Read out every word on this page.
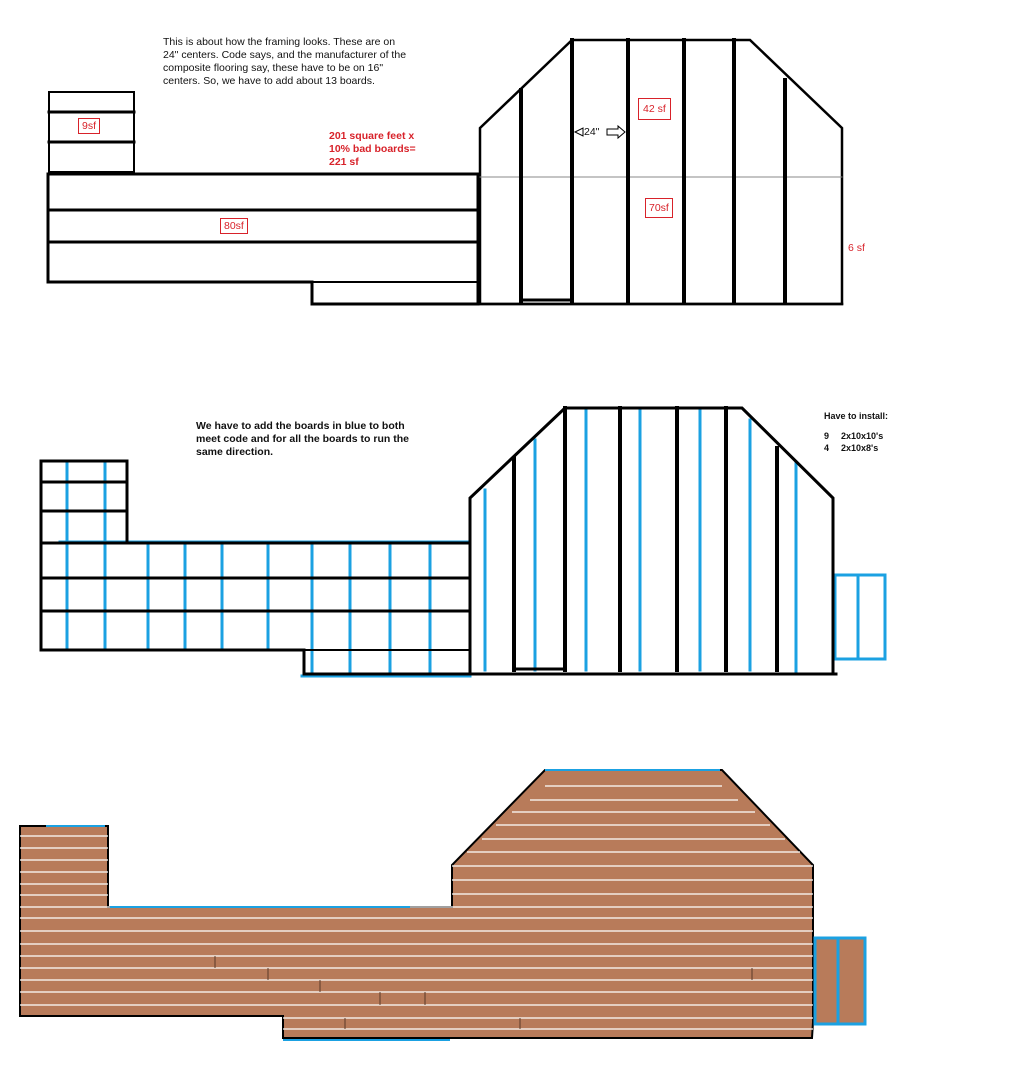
This is about how the framing looks. These are on
24" centers. Code says, and the manufacturer of the
composite flooring say, these have to be on 16"
centers. So, we have to add about 13 boards.
201 square feet x
10% bad boards=
221 sf
9sf
80sf
42 sf
70sf
6 sf
24"
We have to add the boards in blue to both
meet code and for all the boards to run the
same direction.
Have to install:
9 2x10x10's
4 2x10x8's
